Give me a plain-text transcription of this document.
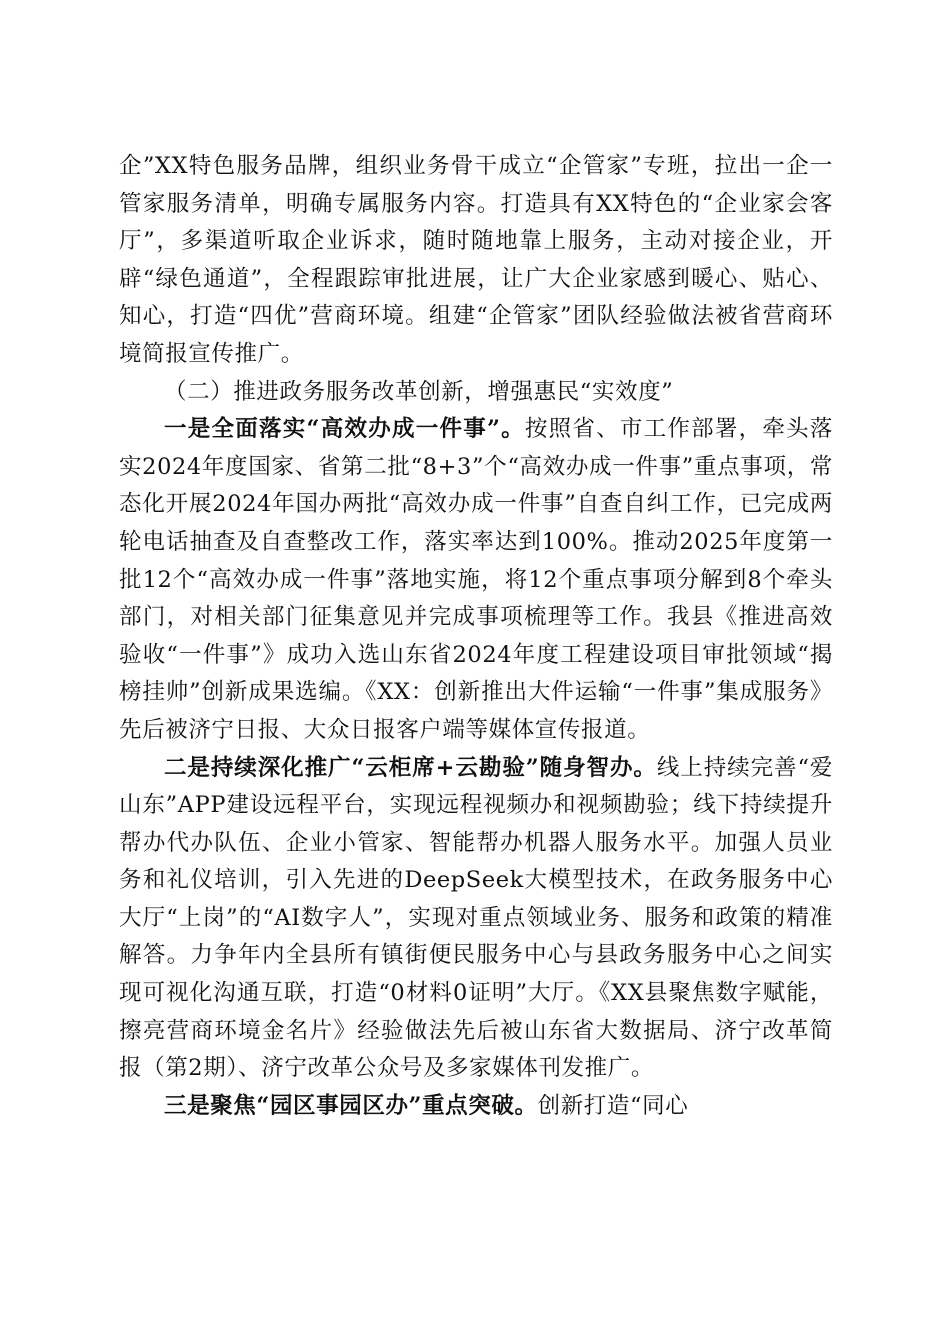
企”XX特色服务品牌，组织业务骨干成立“企管家”专班，拉出一企一管家服务清单，明确专属服务内容。打造具有XX特色的“企业家会客厅”，多渠道听取企业诉求，随时随地靠上服务，主动对接企业，开辟“绿色通道”，全程跟踪审批进展，让广大企业家感到暖心、贴心、知心，打造“四优”营商环境。组建“企管家”团队经验做法被省营商环境简报宣传推广。

（二）推进政务服务改革创新，增强惠民“实效度”

一是全面落实“高效办成一件事”。按照省、市工作部署，牵头落实2024年度国家、省第二批“8+3”个“高效办成一件事”重点事项，常态化开展2024年国办两批“高效办成一件事”自查自纠工作，已完成两轮电话抽查及自查整改工作，落实率达到100%。推动2025年度第一批12个“高效办成一件事”落地实施，将12个重点事项分解到8个牵头部门，对相关部门征集意见并完成事项梳理等工作。我县《推进高效验收“一件事”》成功入选山东省2024年度工程建设项目审批领域“揭榜挂帅”创新成果选编。《XX：创新推出大件运输“一件事”集成服务》先后被济宁日报、大众日报客户端等媒体宣传报道。

二是持续深化推广“云柜席+云勘验”随身智办。线上持续完善“爱山东”APP建设远程平台，实现远程视频办和视频勘验；线下持续提升帮办代办队伍、企业小管家、智能帮办机器人服务水平。加强人员业务和礼仪培训，引入先进的DeepSeek大模型技术，在政务服务中心大厅“上岗”的“AI数字人”，实现对重点领域业务、服务和政策的精准解答。力争年内全县所有镇街便民服务中心与县政务服务中心之间实现可视化沟通互联，打造“0材料0证明”大厅。《XX县聚焦数字赋能，擦亮营商环境金名片》经验做法先后被山东省大数据局、济宁改革简报（第2期）、济宁改革公众号及多家媒体刊发推广。

三是聚焦“园区事园区办”重点突破。创新打造“同心
